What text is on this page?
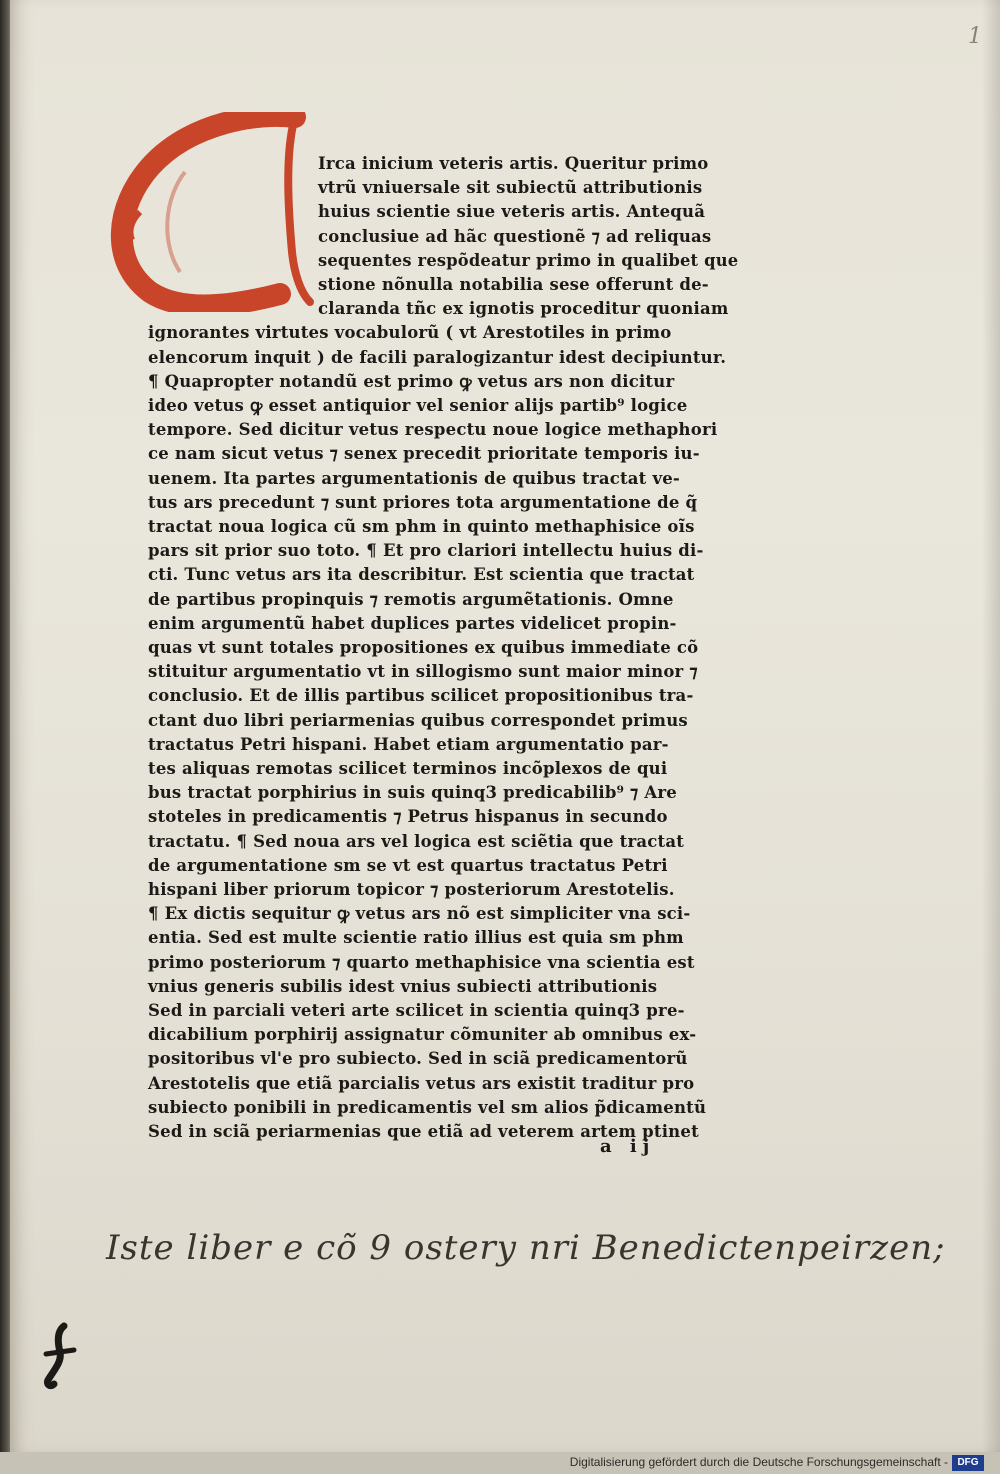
1
C
Irca inicium veteris artis. Queritur primo
vtrũ vniuersale sit subiectũ attributionis
huius scientie siue veteris artis. Antequã
conclusiue ad hãc questionẽ ⁊ ad reliquas
sequentes respõdeatur primo in qualibet que
stione nõnulla notabilia sese offerunt de-
claranda tñc ex ignotis proceditur quoniam
ignorantes virtutes vocabulorũ ( vt Arestotiles in primo
elencorum inquit ) de facili paralogizantur idest decipiuntur.
¶ Quapropter notandũ est primo ꝙ vetus ars non dicitur
ideo vetus ꝙ esset antiquior vel senior alijs partib⁹ logice
tempore. Sed dicitur vetus respectu noue logice methaphori
ce nam sicut vetus ⁊ senex precedit prioritate temporis iu-
uenem. Ita partes argumentationis de quibus tractat ve-
tus ars precedunt ⁊ sunt priores tota argumentatione de q̃
tractat noua logica cũ sm phm in quinto methaphisice oĩs
pars sit prior suo toto. ¶ Et pro clariori intellectu huius di-
cti. Tunc vetus ars ita describitur. Est scientia que tractat
de partibus propinquis ⁊ remotis argumẽtationis. Omne
enim argumentũ habet duplices partes videlicet propin-
quas vt sunt totales propositiones ex quibus immediate cõ
stituitur argumentatio vt in sillogismo sunt maior minor ⁊
conclusio. Et de illis partibus scilicet propositionibus tra-
ctant duo libri periarmenias quibus correspondet primus
tractatus Petri hispani. Habet etiam argumentatio par-
tes aliquas remotas scilicet terminos incõplexos de qui
bus tractat porphirius in suis quinq3 predicabilib⁹ ⁊ Are
stoteles in predicamentis ⁊ Petrus hispanus in secundo
tractatu. ¶ Sed noua ars vel logica est sciẽtia que tractat
de argumentatione sm se vt est quartus tractatus Petri
hispani liber priorum topicor ⁊ posteriorum Arestotelis.
¶ Ex dictis sequitur ꝙ vetus ars nõ est simpliciter vna sci-
entia. Sed est multe scientie ratio illius est quia sm phm
primo posteriorum ⁊ quarto methaphisice vna scientia est
vnius generis subilis idest vnius subiecti attributionis
Sed in parciali veteri arte scilicet in scientia quinq3 pre-
dicabilium porphirij assignatur cõmuniter ab omnibus ex-
positoribus vl'e pro subiecto. Sed in sciã predicamentorũ
Arestotelis que etiã parcialis vetus ars existit traditur pro
subiecto ponibili in predicamentis vel sm alios p̃dicamentũ
Sed in sciã periarmenias que etiã ad veterem artem ptinet
a ij
Iste liber e cõ 9 ostery nri Benedictenpeirzen;
f
Digitalisierung gefördert durch die Deutsche Forschungsgemeinschaft - DFG
